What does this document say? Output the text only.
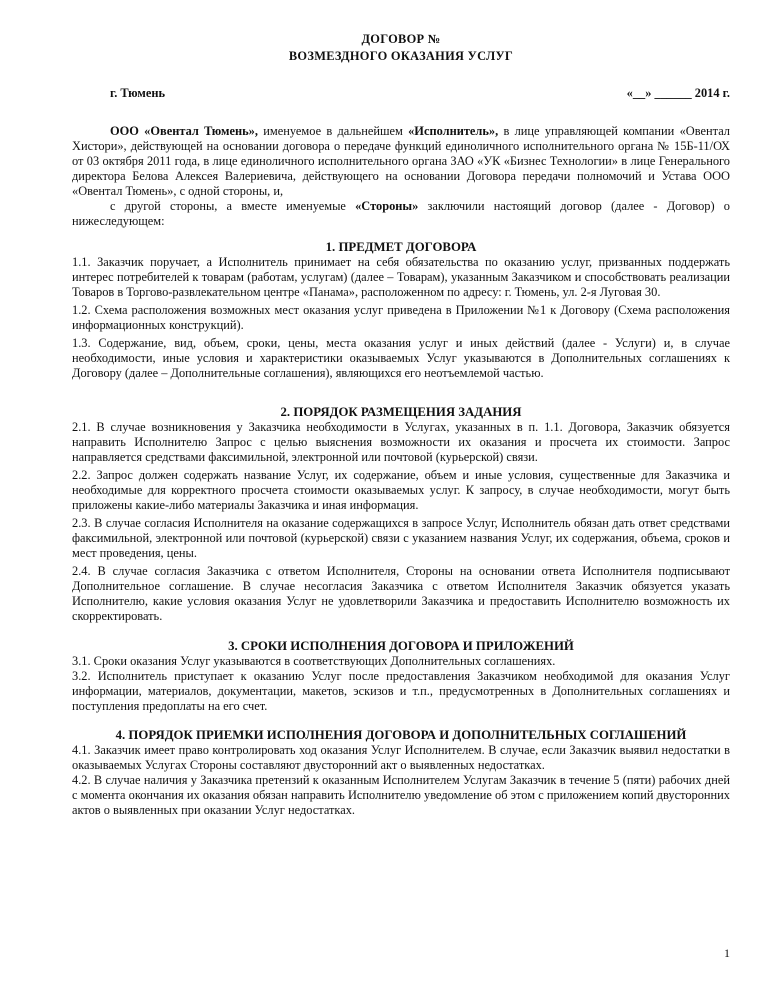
ДОГОВОР №
ВОЗМЕЗДНОГО ОКАЗАНИЯ УСЛУГ
г. Тюмень	«__» ______ 2014 г.

ООО «Овентал Тюмень», именуемое в дальнейшем «Исполнитель», в лице управляющей компании «Овентал Хистори», действующей на основании договора о передаче функций единоличного исполнительного органа № 15Б-11/ОХ от 03 октября 2011 года, в лице единоличного исполнительного органа ЗАО «УК «Бизнес Технологии» в лице Генерального директора Белова Алексея Валериевича, действующего на основании Договора передачи полномочий и Устава ООО «Овентал Тюмень», с одной стороны, и,

с другой стороны, а вместе именуемые «Стороны» заключили настоящий договор (далее - Договор) о нижеследующем:

1. ПРЕДМЕТ ДОГОВОРА

1.1. Заказчик поручает, а Исполнитель принимает на себя обязательства по оказанию услуг, призванных поддержать интерес потребителей к товарам (работам, услугам) (далее – Товарам), указанным Заказчиком и способствовать реализации Товаров в Торгово-развлекательном центре «Панама», расположенном по адресу: г. Тюмень, ул. 2-я Луговая 30.

1.2. Схема расположения возможных мест оказания услуг приведена в Приложении №1 к Договору (Схема расположения информационных конструкций).

1.3. Содержание, вид, объем, сроки, цены, места оказания услуг и иных действий (далее - Услуги) и, в случае необходимости, иные условия и характеристики оказываемых Услуг указываются в Дополнительных соглашениях к Договору (далее – Дополнительные соглашения), являющихся его неотъемлемой частью.

2. ПОРЯДОК РАЗМЕЩЕНИЯ ЗАДАНИЯ

2.1. В случае возникновения у Заказчика необходимости в Услугах, указанных в п. 1.1. Договора, Заказчик обязуется направить Исполнителю Запрос с целью выяснения возможности их оказания и просчета их стоимости. Запрос направляется средствами факсимильной, электронной или почтовой (курьерской) связи.

2.2. Запрос должен содержать название Услуг, их содержание, объем и иные условия, существенные для Заказчика и необходимые для корректного просчета стоимости оказываемых услуг. К запросу, в случае необходимости, могут быть приложены какие-либо материалы Заказчика и иная информация.

2.3. В случае согласия Исполнителя на оказание содержащихся в запросе Услуг, Исполнитель обязан дать ответ средствами факсимильной, электронной или почтовой (курьерской) связи с указанием названия Услуг, их содержания, объема, сроков и мест проведения, цены.

2.4. В случае согласия Заказчика с ответом Исполнителя, Стороны на основании ответа Исполнителя подписывают Дополнительное соглашение. В случае несогласия Заказчика с ответом Исполнителя Заказчик обязуется указать Исполнителю, какие условия оказания Услуг не удовлетворили Заказчика и предоставить Исполнителю возможность их скорректировать.

3. СРОКИ ИСПОЛНЕНИЯ ДОГОВОРА И ПРИЛОЖЕНИЙ

3.1. Сроки оказания Услуг указываются в соответствующих Дополнительных соглашениях.

3.2. Исполнитель приступает к оказанию Услуг после предоставления Заказчиком необходимой для оказания Услуг информации, материалов, документации, макетов, эскизов и т.п., предусмотренных в Дополнительных соглашениях и поступления предоплаты на его счет.

4. ПОРЯДОК ПРИЕМКИ ИСПОЛНЕНИЯ ДОГОВОРА И ДОПОЛНИТЕЛЬНЫХ СОГЛАШЕНИЙ

4.1. Заказчик имеет право контролировать ход оказания Услуг Исполнителем. В случае, если Заказчик выявил недостатки в оказываемых Услугах Стороны составляют двусторонний акт о выявленных недостатках.

4.2. В случае наличия у Заказчика претензий к оказанным Исполнителем Услугам Заказчик в течение 5 (пяти) рабочих дней с момента окончания их оказания обязан направить Исполнителю уведомление об этом с приложением копий двусторонних актов о выявленных при оказании Услуг недостатках.

1
